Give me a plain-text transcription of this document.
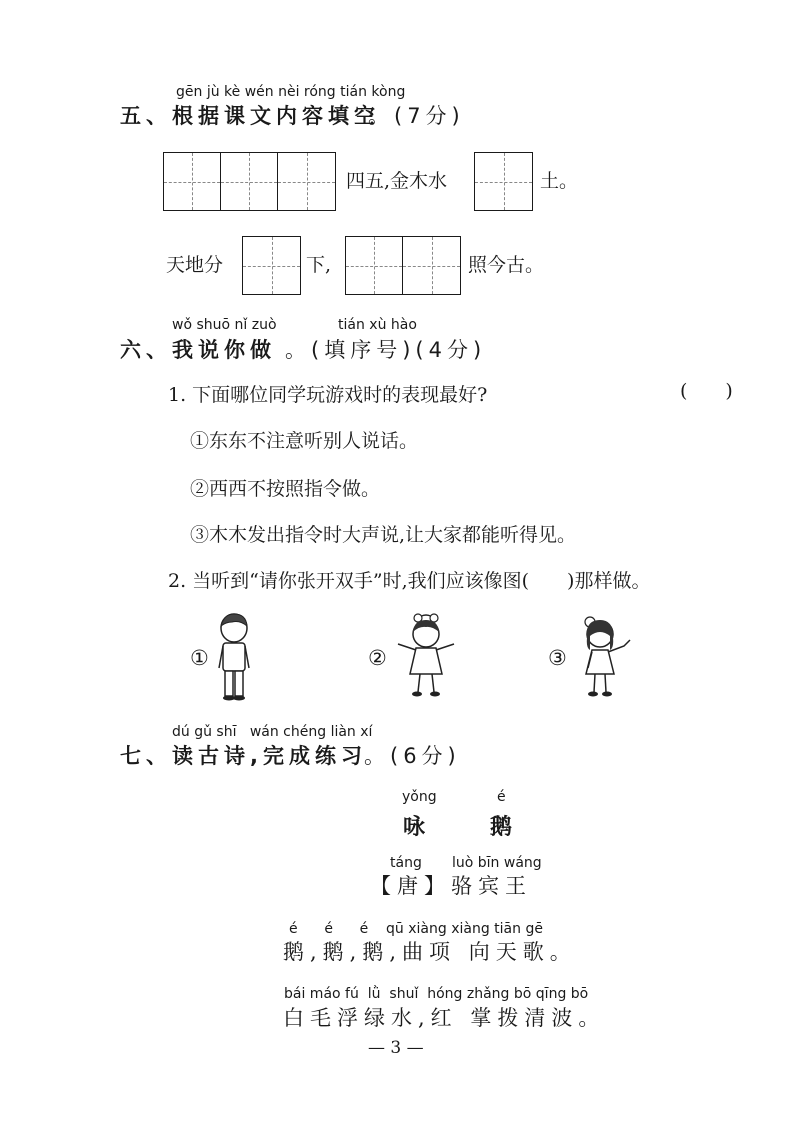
gēn jù kè wén nèi róng tián kòng
五、根据课文内容填空
。(7分)
四五,金木水	土。
天地分	下,	照今古。
wǒ shuō nǐ zuò	tián xù hào
六、我说你做 。(填序号)(4分)
1. 下面哪位同学玩游戏时的表现最好?	(　　)
①东东不注意听别人说话。
②西西不按照指令做。
③木木发出指令时大声说,让大家都能听得见。
2. 当听到“请你张开双手”时,我们应该像图(　　)那样做。
①	②	③
dú gǔ shī   wán chéng liàn xí
七、读古诗,完成练习
。(6分)
yǒng	é
咏	鹅
táng luò bīn wáng
【唐】骆宾王
é      é      é    qū xiàng xiàng tiān gē
鹅,鹅,鹅,曲项 向天歌。
bái máo fú  lǜ  shuǐ  hóng zhǎng bō qīng bō
白毛浮绿水,红 掌拨清波。
— 3 —
